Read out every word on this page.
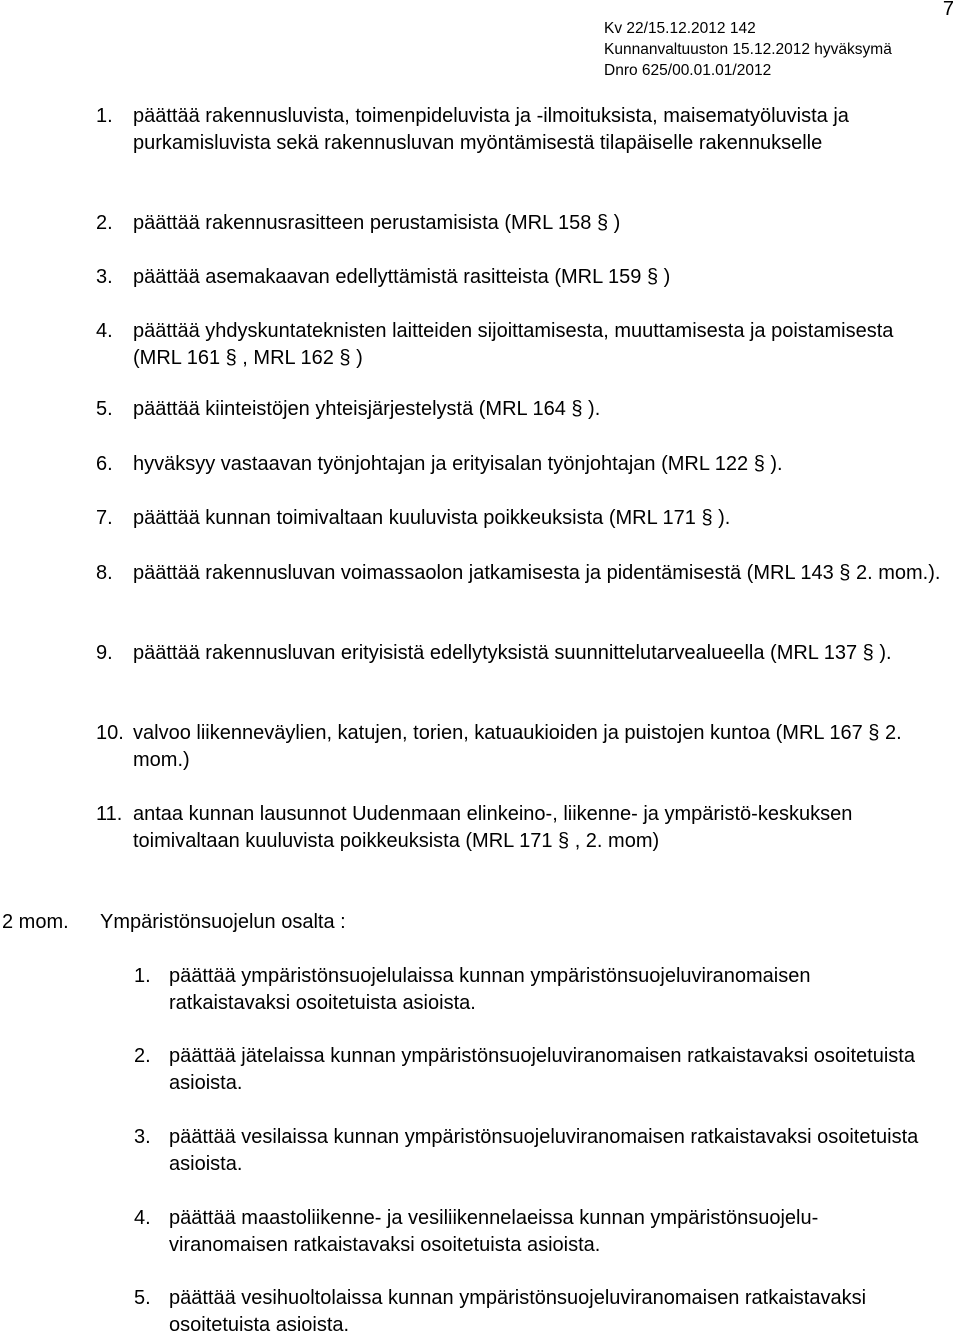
7
Kv 22/15.12.2012 142
Kunnanvaltuuston 15.12.2012 hyväksymä
Dnro 625/00.01.01/2012
1.	päättää rakennusluvista, toimenpideluvista ja -ilmoituksista, maisematyöluvista ja purkamisluvista sekä rakennusluvan myöntämisestä tilapäiselle rakennukselle
2.	päättää rakennusrasitteen perustamisista (MRL 158 § )
3.	päättää asemakaavan edellyttämistä rasitteista (MRL 159 § )
4.	päättää yhdyskuntateknisten laitteiden sijoittamisesta, muuttamisesta ja poistamisesta (MRL 161 § , MRL 162 § )
5.	päättää kiinteistöjen yhteisjärjestelystä (MRL 164 § ).
6.	hyväksyy vastaavan työnjohtajan ja erityisalan työnjohtajan (MRL 122 § ).
7.	päättää kunnan toimivaltaan kuuluvista poikkeuksista (MRL 171 § ).
8.	päättää rakennusluvan voimassaolon jatkamisesta ja pidentämisestä (MRL 143 § 2. mom.).
9.	päättää rakennusluvan erityisistä edellytyksistä suunnittelutarvealueella (MRL 137 § ).
10. valvoo liikenneväylien, katujen, torien, katuaukioiden ja puistojen kuntoa (MRL 167 § 2. mom.)
11. antaa kunnan lausunnot Uudenmaan elinkeino-, liikenne- ja ympäristö-keskuksen toimivaltaan kuuluvista poikkeuksista (MRL 171 § , 2. mom)
2 mom. Ympäristönsuojelun osalta :
1. päättää ympäristönsuojelulaissa kunnan ympäristönsuojeluviranomaisen ratkaistavaksi osoitetuista asioista.
2. päättää jätelaissa kunnan ympäristönsuojeluviranomaisen ratkaistavaksi osoitetuista asioista.
3. päättää vesilaissa kunnan ympäristönsuojeluviranomaisen ratkaistavaksi osoitetuista asioista.
4. päättää maastoliikenne- ja vesiliikennelaeissa kunnan ympäristönsuojelu-viranomaisen ratkaistavaksi osoitetuista asioista.
5. päättää vesihuoltolaissa kunnan ympäristönsuojeluviranomaisen ratkaistavaksi osoitetuista asioista.
